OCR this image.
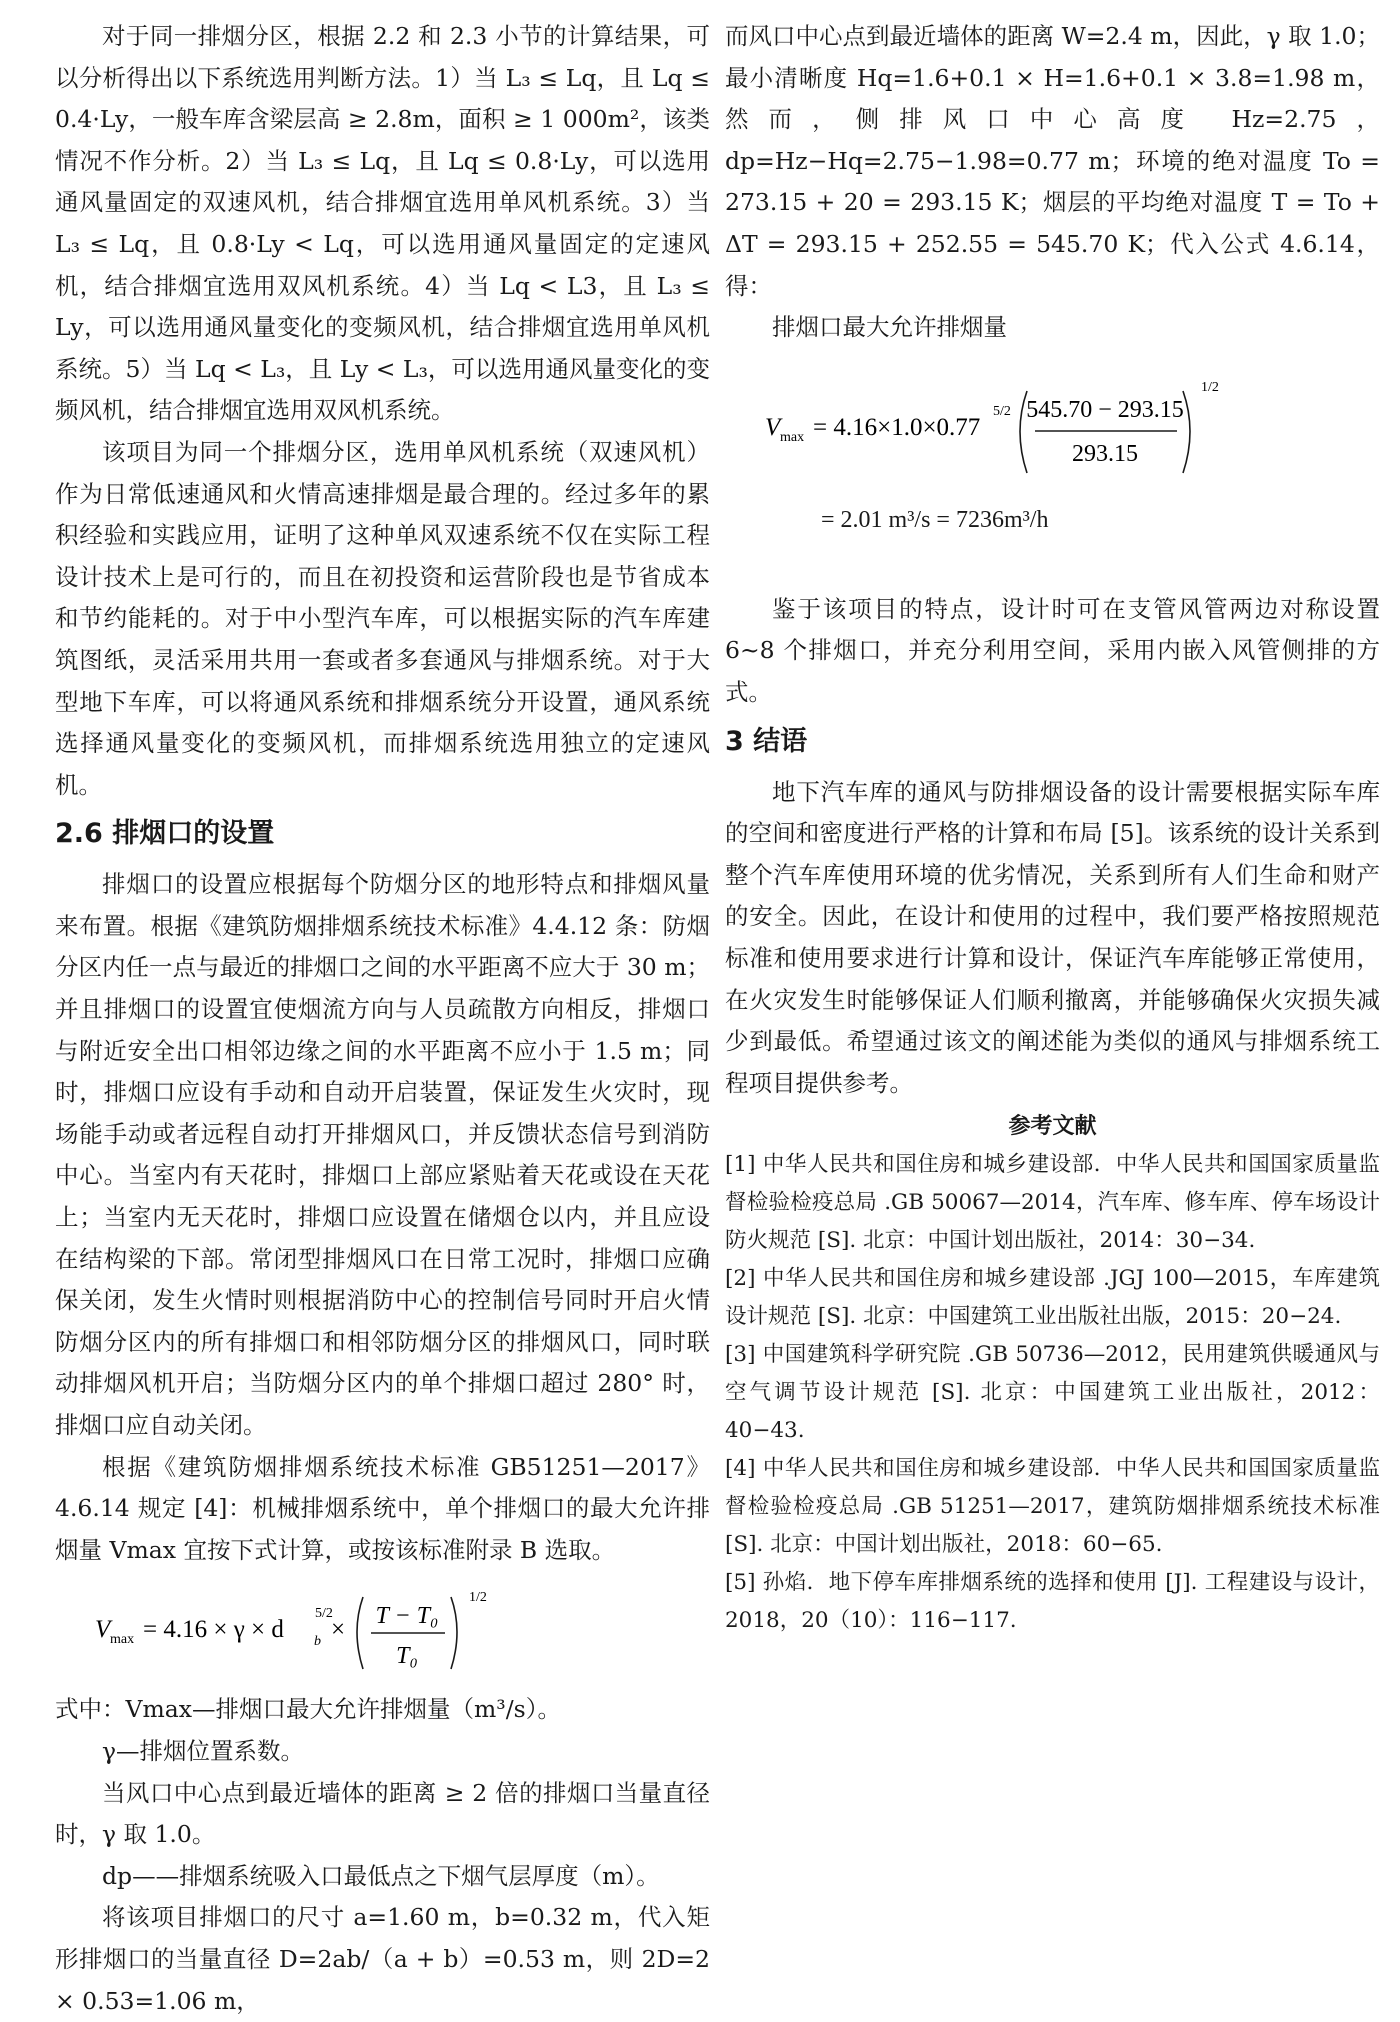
对于同一排烟分区，根据 2.2 和 2.3 小节的计算结果，可以分析得出以下系统选用判断方法。1）当 L₃ ≤ Lq，且 Lq ≤ 0.4·Ly，一般车库含梁层高 ≥ 2.8m，面积 ≥ 1 000m²，该类情况不作分析。2）当 L₃ ≤ Lq，且 Lq ≤ 0.8·Ly，可以选用通风量固定的双速风机，结合排烟宜选用单风机系统。3）当 L₃ ≤ Lq，且 0.8·Ly < Lq，可以选用通风量固定的定速风机，结合排烟宜选用双风机系统。4）当 Lq < L3，且 L₃ ≤ Ly，可以选用通风量变化的变频风机，结合排烟宜选用单风机系统。5）当 Lq < L₃，且 Ly < L₃，可以选用通风量变化的变频风机，结合排烟宜选用双风机系统。

该项目为同一个排烟分区，选用单风机系统（双速风机）作为日常低速通风和火情高速排烟是最合理的。经过多年的累积经验和实践应用，证明了这种单风双速系统不仅在实际工程设计技术上是可行的，而且在初投资和运营阶段也是节省成本和节约能耗的。对于中小型汽车库，可以根据实际的汽车库建筑图纸，灵活采用共用一套或者多套通风与排烟系统。对于大型地下车库，可以将通风系统和排烟系统分开设置，通风系统选择通风量变化的变频风机，而排烟系统选用独立的定速风机。

2.6 排烟口的设置

排烟口的设置应根据每个防烟分区的地形特点和排烟风量来布置。根据《建筑防烟排烟系统技术标准》4.4.12 条：防烟分区内任一点与最近的排烟口之间的水平距离不应大于 30 m；并且排烟口的设置宜使烟流方向与人员疏散方向相反，排烟口与附近安全出口相邻边缘之间的水平距离不应小于 1.5 m；同时，排烟口应设有手动和自动开启装置，保证发生火灾时，现场能手动或者远程自动打开排烟风口，并反馈状态信号到消防中心。当室内有天花时，排烟口上部应紧贴着天花或设在天花上；当室内无天花时，排烟口应设置在储烟仓以内，并且应设在结构梁的下部。常闭型排烟风口在日常工况时，排烟口应确保关闭，发生火情时则根据消防中心的控制信号同时开启火情防烟分区内的所有排烟口和相邻防烟分区的排烟风口，同时联动排烟风机开启；当防烟分区内的单个排烟口超过 280° 时，排烟口应自动关闭。

根据《建筑防烟排烟系统技术标准 GB51251—2017》4.6.14 规定 [4]：机械排烟系统中，单个排烟口的最大允许排烟量 Vmax 宜按下式计算，或按该标准附录 B 选取。

V max = 4.16 × γ × d b
5/2
× T − T₀
T₀
1/2

式中：Vmax—排烟口最大允许排烟量（m³/s）。

γ—排烟位置系数。

当风口中心点到最近墙体的距离 ≥ 2 倍的排烟口当量直径时，γ 取 1.0。

dp——排烟系统吸入口最低点之下烟气层厚度（m）。

将该项目排烟口的尺寸 a=1.60 m，b=0.32 m，代入矩形排烟口的当量直径 D=2ab/（a + b）=0.53 m，则 2D=2 × 0.53=1.06 m，

而风口中心点到最近墙体的距离 W=2.4 m，因此，γ 取 1.0；最小清晰度 Hq=1.6+0.1 × H=1.6+0.1 × 3.8=1.98 m，然而，侧排风口中心高度 Hz=2.75，dp=Hz−Hq=2.75−1.98=0.77 m；环境的绝对温度 To = 273.15 + 20 = 293.15 K；烟层的平均绝对温度 T = To + ΔT = 293.15 + 252.55 = 545.70 K；代入公式 4.6.14，得：

排烟口最大允许排烟量

V max = 4.16×1.0×0.77
5/2 545.70 − 293.15
293.15
1/2
= 2.01 m³/s = 7236m³/h

鉴于该项目的特点，设计时可在支管风管两边对称设置 6~8 个排烟口，并充分利用空间，采用内嵌入风管侧排的方式。

3 结语

地下汽车库的通风与防排烟设备的设计需要根据实际车库的空间和密度进行严格的计算和布局 [5]。该系统的设计关系到整个汽车库使用环境的优劣情况，关系到所有人们生命和财产的安全。因此，在设计和使用的过程中，我们要严格按照规范标准和使用要求进行计算和设计，保证汽车库能够正常使用，在火灾发生时能够保证人们顺利撤离，并能够确保火灾损失减少到最低。希望通过该文的阐述能为类似的通风与排烟系统工程项目提供参考。

参考文献

[1] 中华人民共和国住房和城乡建设部．中华人民共和国国家质量监督检验检疫总局 .GB 50067—2014，汽车库、修车库、停车场设计防火规范 [S]. 北京：中国计划出版社，2014：30−34.

[2] 中华人民共和国住房和城乡建设部 .JGJ 100—2015，车库建筑设计规范 [S]. 北京：中国建筑工业出版社出版，2015：20−24.

[3] 中国建筑科学研究院 .GB 50736—2012，民用建筑供暖通风与空气调节设计规范 [S]. 北京：中国建筑工业出版社，2012：40−43.

[4] 中华人民共和国住房和城乡建设部．中华人民共和国国家质量监督检验检疫总局 .GB 51251—2017，建筑防烟排烟系统技术标准 [S]. 北京：中国计划出版社，2018：60−65.

[5] 孙焰．地下停车库排烟系统的选择和使用 [J]. 工程建设与设计，2018，20（10）：116−117.
